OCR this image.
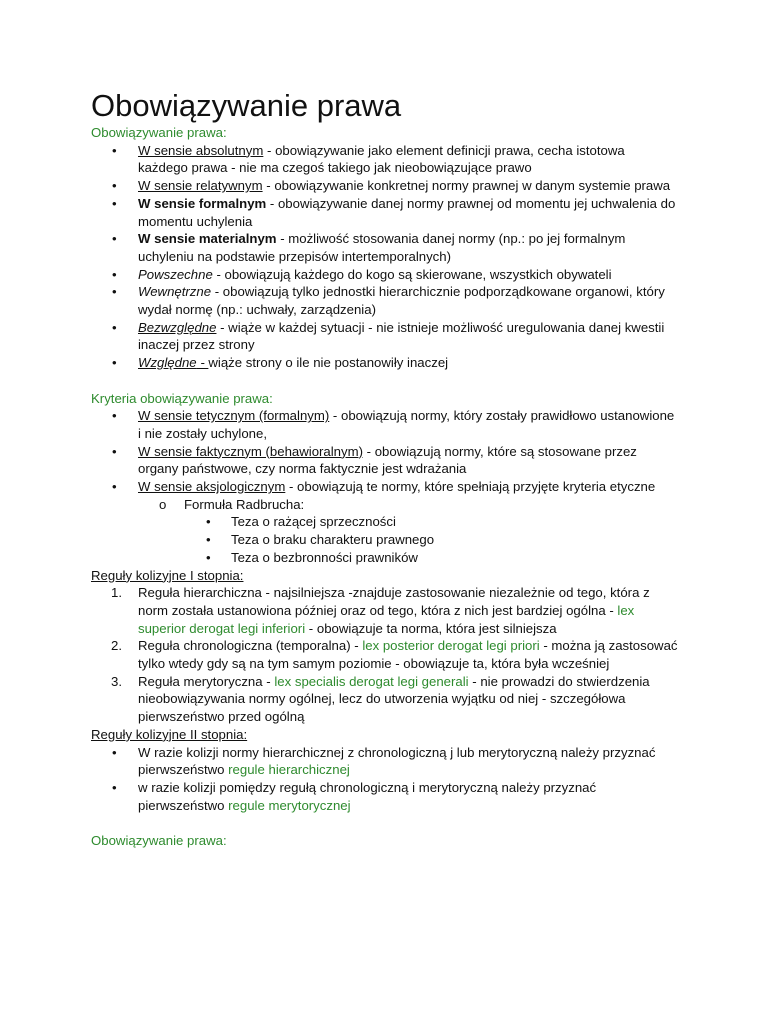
Obowiązywanie prawa

Obowiązywanie prawa:

•	W sensie absolutnym - obowiązywanie jako element definicji prawa, cecha istotowa każdego prawa - nie ma czegoś takiego jak nieobowiązujące prawo
•	W sensie relatywnym - obowiązywanie konkretnej normy prawnej w danym systemie prawa
•	W sensie formalnym - obowiązywanie danej normy prawnej od momentu jej uchwalenia do momentu uchylenia
•	W sensie materialnym - możliwość stosowania danej normy (np.: po jej formalnym uchyleniu na podstawie przepisów intertemporalnych)
•	Powszechne - obowiązują każdego do kogo są skierowane, wszystkich obywateli
•	Wewnętrzne - obowiązują tylko jednostki hierarchicznie podporządkowane organowi, który wydał normę (np.: uchwały, zarządzenia)
•	Bezwzględne - wiąże w każdej sytuacji - nie istnieje możliwość uregulowania danej kwestii inaczej przez strony
•	Względne - wiąże strony o ile nie postanowiły inaczej

Kryteria obowiązywanie prawa:

•	W sensie tetycznym (formalnym) - obowiązują normy, który zostały prawidłowo ustanowione i nie zostały uchylone,
•	W sensie faktycznym (behawioralnym) - obowiązują normy, które są stosowane przez organy państwowe, czy norma faktycznie jest wdrażania
•	W sensie aksjologicznym - obowiązują te normy, które spełniają przyjęte kryteria etyczne
o Formuła Radbrucha:
• Teza o rażącej sprzeczności
• Teza o braku charakteru prawnego
• Teza o bezbronności prawników

Reguły kolizyjne I stopnia:

1. Reguła hierarchiczna - najsilniejsza -znajduje zastosowanie niezależnie od tego, która z norm została ustanowiona później oraz od tego, która z nich jest bardziej ogólna - lex superior derogat legi inferiori - obowiązuje ta norma, która jest silniejsza
2. Reguła chronologiczna (temporalna) - lex posterior derogat legi priori - można ją zastosować tylko wtedy gdy są na tym samym poziomie - obowiązuje ta, która była wcześniej
3. Reguła merytoryczna - lex specialis derogat legi generali - nie prowadzi do stwierdzenia nieobowiązywania normy ogólnej, lecz do utworzenia wyjątku od niej - szczegółowa pierwszeństwo przed ogólną

Reguły kolizyjne II stopnia:

•	W razie kolizji normy hierarchicznej z chronologiczną j lub merytoryczną należy przyznać pierwszeństwo regule hierarchicznej
•	w razie kolizji pomiędzy regułą chronologiczną i merytoryczną należy przyznać pierwszeństwo regule merytorycznej

Obowiązywanie prawa:
